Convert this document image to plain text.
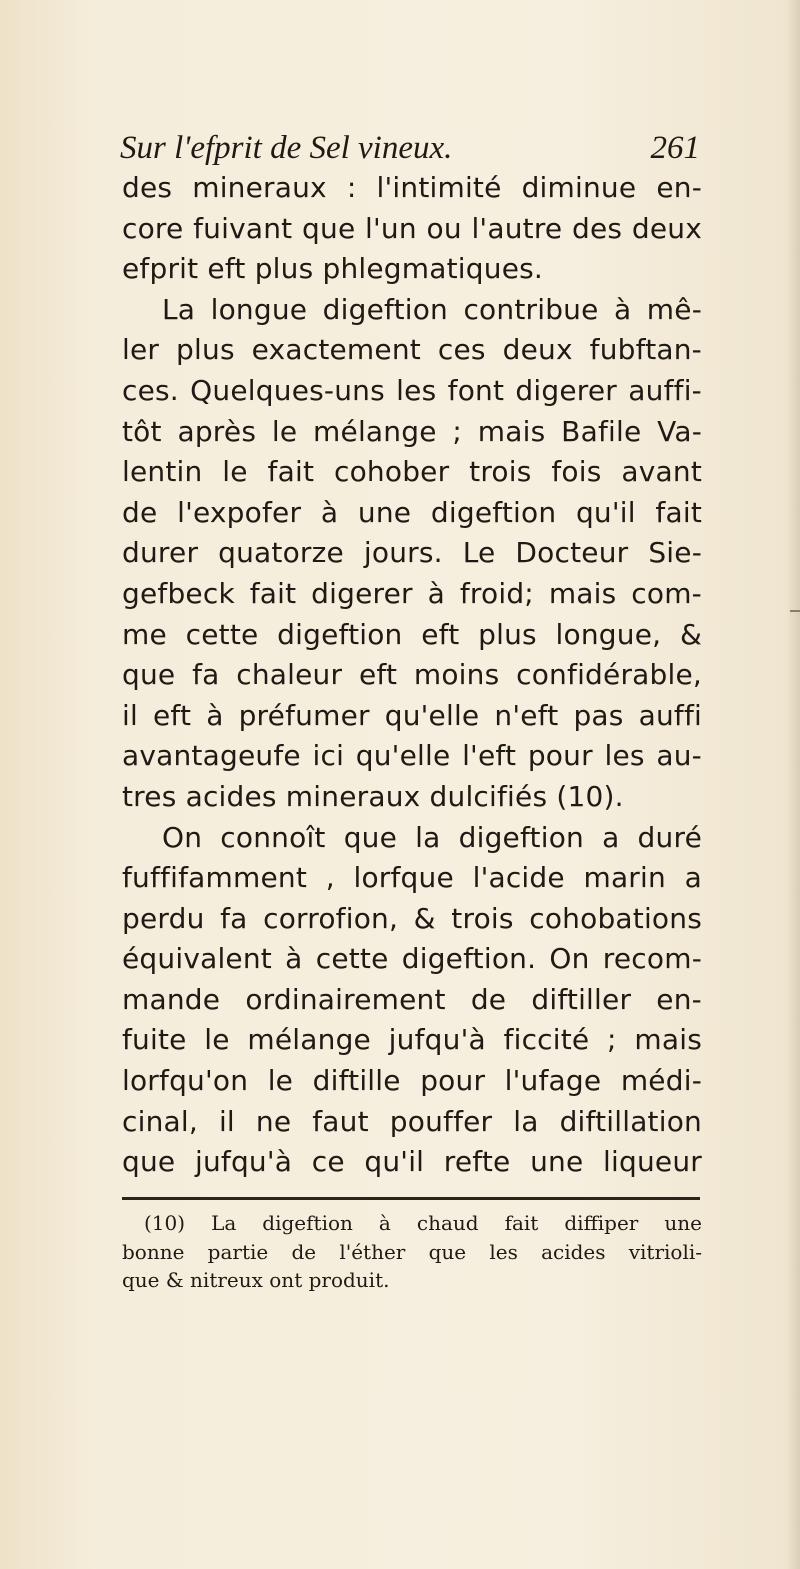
Sur l'efprit de Sel vineux.	261
des mineraux : l'intimité diminue en-
core fuivant que l'un ou l'autre des deux
efprit eft plus phlegmatiques.
La longue digeftion contribue à mê-
ler plus exactement ces deux fubftan-
ces. Quelques-uns les font digerer auffi-
tôt après le mélange ; mais Bafile Va-
lentin le fait cohober trois fois avant
de l'expofer à une digeftion qu'il fait
durer quatorze jours. Le Docteur Sie-
gefbeck fait digerer à froid; mais com-
me cette digeftion eft plus longue, &
que fa chaleur eft moins confidérable,
il eft à préfumer qu'elle n'eft pas auffi
avantageufe ici qu'elle l'eft pour les au-
tres acides mineraux dulcifiés (10).
On connoît que la digeftion a duré
fuffifamment , lorfque l'acide marin a
perdu fa corrofion, & trois cohobations
équivalent à cette digeftion. On recom-
mande ordinairement de diftiller en-
fuite le mélange jufqu'à ficcité ; mais
lorfqu'on le diftille pour l'ufage médi-
cinal, il ne faut pouffer la diftillation
que jufqu'à ce qu'il refte une liqueur
(10) La digeftion à chaud fait diffiper une
bonne partie de l'éther que les acides vitrioli-
que & nitreux ont produit.
